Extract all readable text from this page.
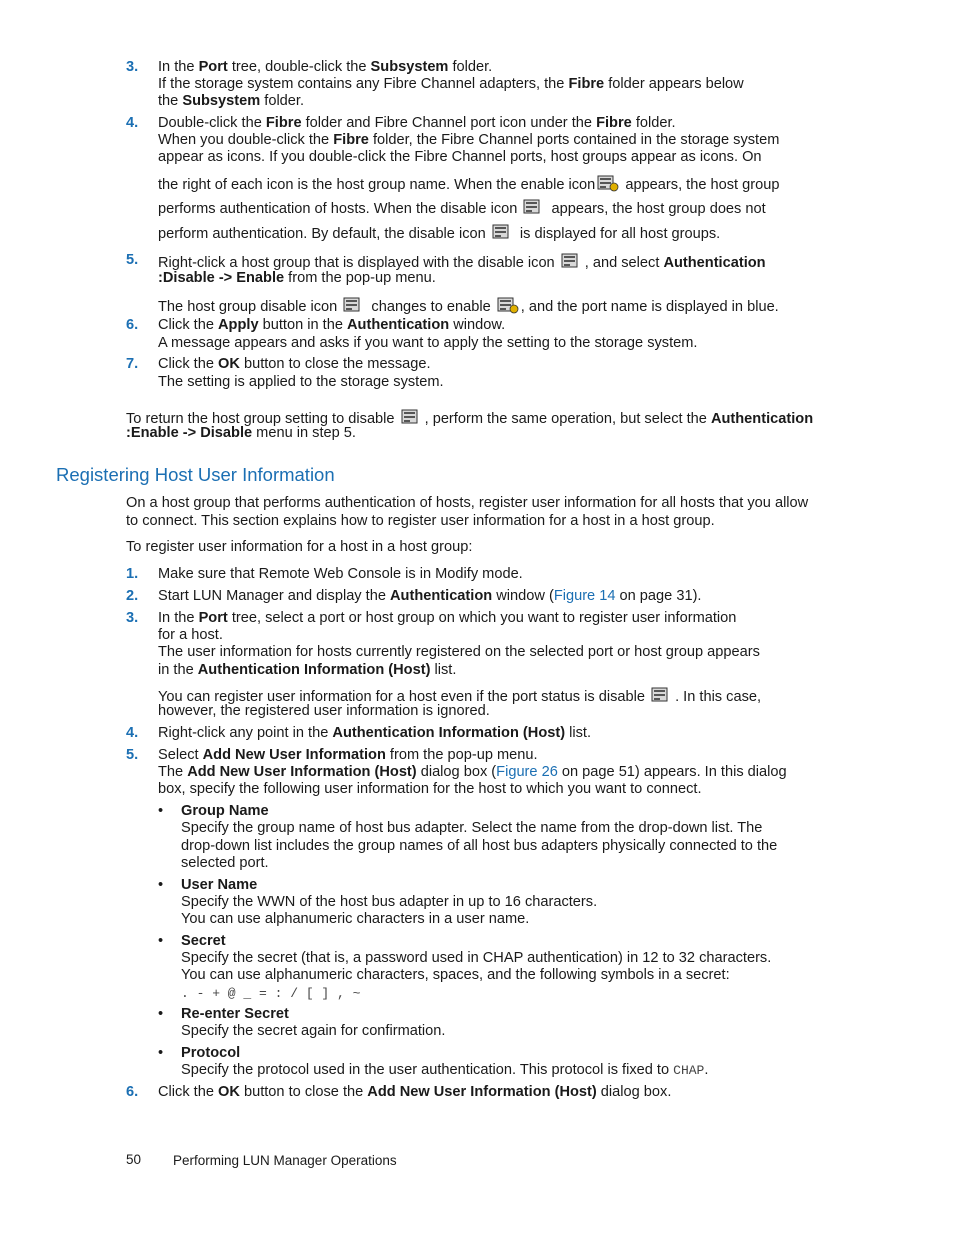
3. In the Port tree, double-click the Subsystem folder.
If the storage system contains any Fibre Channel adapters, the Fibre folder appears below
the Subsystem folder.
4. Double-click the Fibre folder and Fibre Channel port icon under the Fibre folder.
When you double-click the Fibre folder, the Fibre Channel ports contained in the storage system
appear as icons. If you double-click the Fibre Channel ports, host groups appear as icons. On
the right of each icon is the host group name. When the enable icon appears, the host group
performs authentication of hosts. When the disable icon  appears, the host group does not
perform authentication. By default, the disable icon  is displayed for all host groups.
5. Right-click a host group that is displayed with the disable icon , and select Authentication
:Disable -> Enable from the pop-up menu.
The host group disable icon  changes to enable , and the port name is displayed in blue.
6. Click the Apply button in the Authentication window.
A message appears and asks if you want to apply the setting to the storage system.
7. Click the OK button to close the message.
The setting is applied to the storage system.
To return the host group setting to disable , perform the same operation, but select the Authentication
:Enable -> Disable menu in step 5.
Registering Host User Information
On a host group that performs authentication of hosts, register user information for all hosts that you allow
to connect. This section explains how to register user information for a host in a host group.
To register user information for a host in a host group:
1. Make sure that Remote Web Console is in Modify mode.
2. Start LUN Manager and display the Authentication window (Figure 14 on page 31).
3. In the Port tree, select a port or host group on which you want to register user information
for a host.
The user information for hosts currently registered on the selected port or host group appears
in the Authentication Information (Host) list.
You can register user information for a host even if the port status is disable . In this case,
however, the registered user information is ignored.
4. Right-click any point in the Authentication Information (Host) list.
5. Select Add New User Information from the pop-up menu.
The Add New User Information (Host) dialog box (Figure 26 on page 51) appears. In this dialog
box, specify the following user information for the host to which you want to connect.
• Group Name
Specify the group name of host bus adapter. Select the name from the drop-down list. The
drop-down list includes the group names of all host bus adapters physically connected to the
selected port.
• User Name
Specify the WWN of the host bus adapter in up to 16 characters.
You can use alphanumeric characters in a user name.
• Secret
Specify the secret (that is, a password used in CHAP authentication) in 12 to 32 characters.
You can use alphanumeric characters, spaces, and the following symbols in a secret:
. - + @ _ = : / [ ] , ~
• Re-enter Secret
Specify the secret again for confirmation.
• Protocol
Specify the protocol used in the user authentication. This protocol is fixed to CHAP.
6. Click the OK button to close the Add New User Information (Host) dialog box.
50 Performing LUN Manager Operations
